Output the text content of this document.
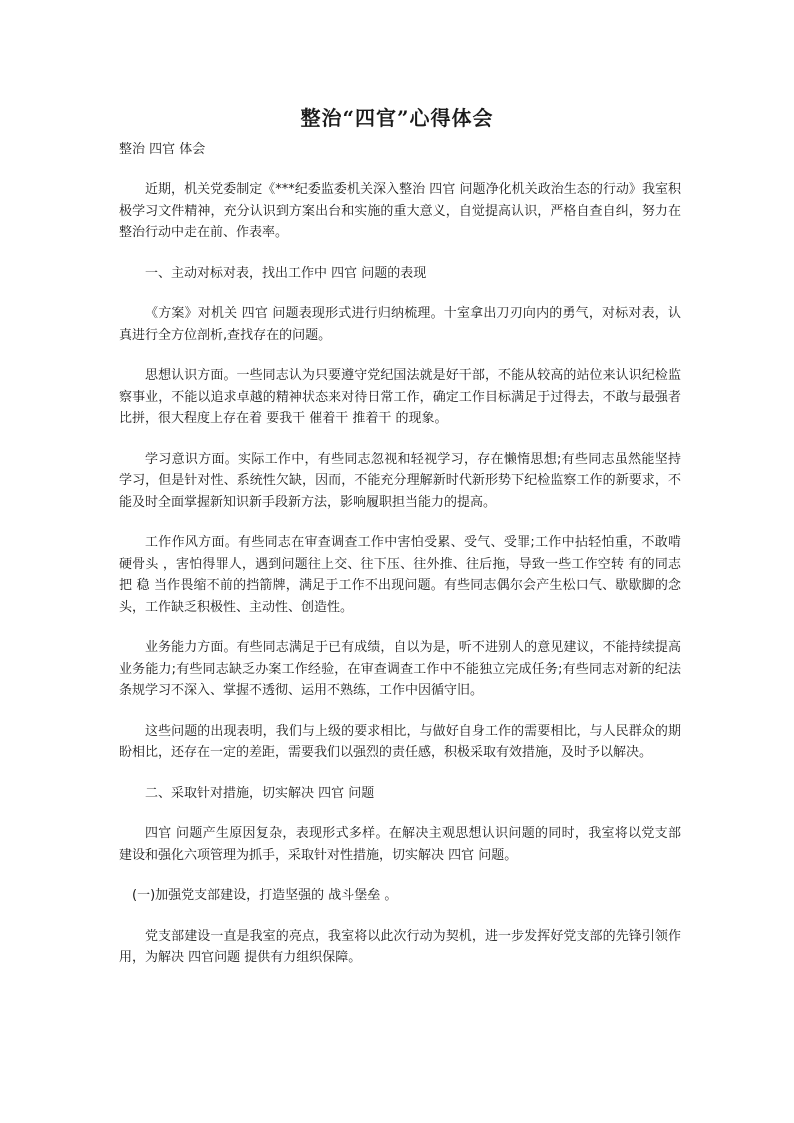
整治“四官”心得体会
整治 四官 体会

近期，机关党委制定《***纪委监委机关深入整治 四官 问题净化机关政治生态的行动》我室积极学习文件精神，充分认识到方案出台和实施的重大意义，自觉提高认识，严格自查自纠，努力在整治行动中走在前、作表率。

一、主动对标对表，找出工作中 四官 问题的表现

《方案》对机关 四官 问题表现形式进行归纳梳理。十室拿出刀刃向内的勇气，对标对表，认真进行全方位剖析,查找存在的问题。

思想认识方面。一些同志认为只要遵守党纪国法就是好干部，不能从较高的站位来认识纪检监察事业，不能以追求卓越的精神状态来对待日常工作，确定工作目标满足于过得去，不敢与最强者比拼，很大程度上存在着 要我干 催着干 推着干 的现象。

学习意识方面。实际工作中，有些同志忽视和轻视学习，存在懒惰思想;有些同志虽然能坚持学习，但是针对性、系统性欠缺，因而，不能充分理解新时代新形势下纪检监察工作的新要求，不能及时全面掌握新知识新手段新方法，影响履职担当能力的提高。

工作作风方面。有些同志在审查调查工作中害怕受累、受气、受罪;工作中拈轻怕重，不敢啃 硬骨头 ，害怕得罪人，遇到问题往上交、往下压、往外推、往后拖，导致一些工作空转 有的同志把 稳 当作畏缩不前的挡箭牌，满足于工作不出现问题。有些同志偶尔会产生松口气、歇歇脚的念头，工作缺乏积极性、主动性、创造性。

业务能力方面。有些同志满足于已有成绩，自以为是，听不进别人的意见建议，不能持续提高业务能力;有些同志缺乏办案工作经验，在审查调查工作中不能独立完成任务;有些同志对新的纪法条规学习不深入、掌握不透彻、运用不熟练，工作中因循守旧。

这些问题的出现表明，我们与上级的要求相比，与做好自身工作的需要相比，与人民群众的期盼相比，还存在一定的差距，需要我们以强烈的责任感，积极采取有效措施，及时予以解决。

二、采取针对措施，切实解决 四官 问题

四官 问题产生原因复杂，表现形式多样。在解决主观思想认识问题的同时，我室将以党支部建设和强化六项管理为抓手，采取针对性措施，切实解决 四官 问题。

(一)加强党支部建设，打造坚强的 战斗堡垒 。

党支部建设一直是我室的亮点，我室将以此次行动为契机，进一步发挥好党支部的先锋引领作用，为解决 四官问题 提供有力组织保障。
